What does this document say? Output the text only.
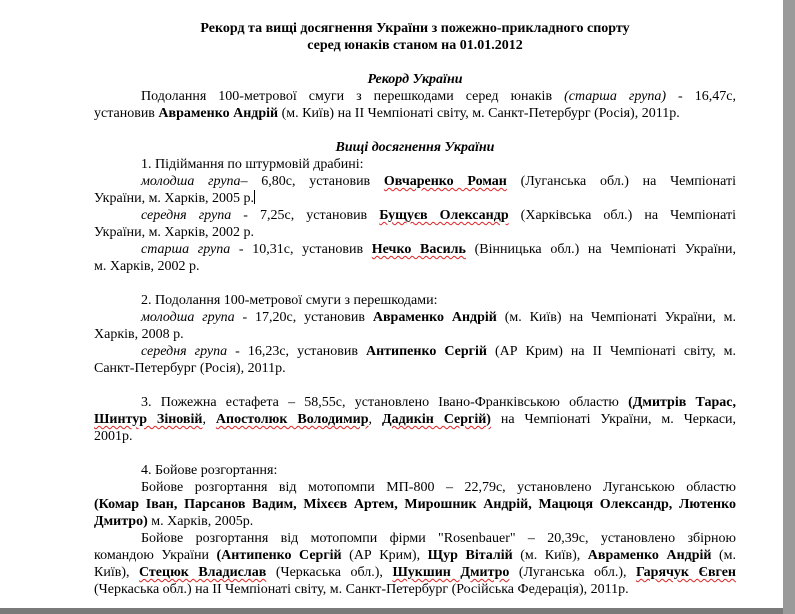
Рекорд та вищі досягнення України з пожежно-прикладного спорту
серед юнаків станом на 01.01.2012
Рекорд України
Подолання 100-метрової смуги з перешкодами серед юнаків (старша група) - 16,47с,
установив Авраменко Андрій (м. Київ) на ІІ Чемпіонаті світу, м. Санкт-Петербург (Росія), 2011р.
Вищі досягнення України
1. Підіймання по штурмовій драбині:
молодша група– 6,80с, установив Овчаренко Роман (Луганська обл.) на Чемпіонаті
України, м. Харків, 2005 р.
середня група - 7,25с, установив Бущуєв Олександр (Харківська обл.) на Чемпіонаті
України, м. Харків, 2002 р.
старша група - 10,31с, установив Нечко Василь (Вінницька обл.) на Чемпіонаті України,
м. Харків, 2002 р.
2. Подолання 100-метрової смуги з перешкодами:
молодша група - 17,20с, установив Авраменко Андрій (м. Київ) на Чемпіонаті України, м.
Харків, 2008 р.
середня група - 16,23с, установив Антипенко Сергій (АР Крим) на ІІ Чемпіонаті світу, м.
Санкт-Петербург (Росія), 2011р.
3. Пожежна естафета – 58,55с, установлено Івано-Франківською областю (Дмитрів Тарас,
Шинтур Зіновій, Апостолюк Володимир, Дадикін Сергій) на Чемпіонаті України, м. Черкаси,
2001р.
4. Бойове розгортання:
Бойове розгортання від мотопомпи МП-800 – 22,79с, установлено Луганською областю
(Комар Іван, Парсанов Вадим, Міхєєв Артем, Мирошник Андрій, Мацюця Олександр, Лютенко
Дмитро) м. Харків, 2005р.
Бойове розгортання від мотопомпи фірми "Rosenbauer" – 20,39с, установлено збірною
командою України (Антипенко Сергій (АР Крим), Щур Віталій (м. Київ), Авраменко Андрій (м.
Київ), Стецюк Владислав (Черкаська обл.), Шукшин Дмитро (Луганська обл.), Гарячук Євген
(Черкаська обл.) на ІІ Чемпіонаті світу, м. Санкт-Петербург (Російська Федерація), 2011р.
